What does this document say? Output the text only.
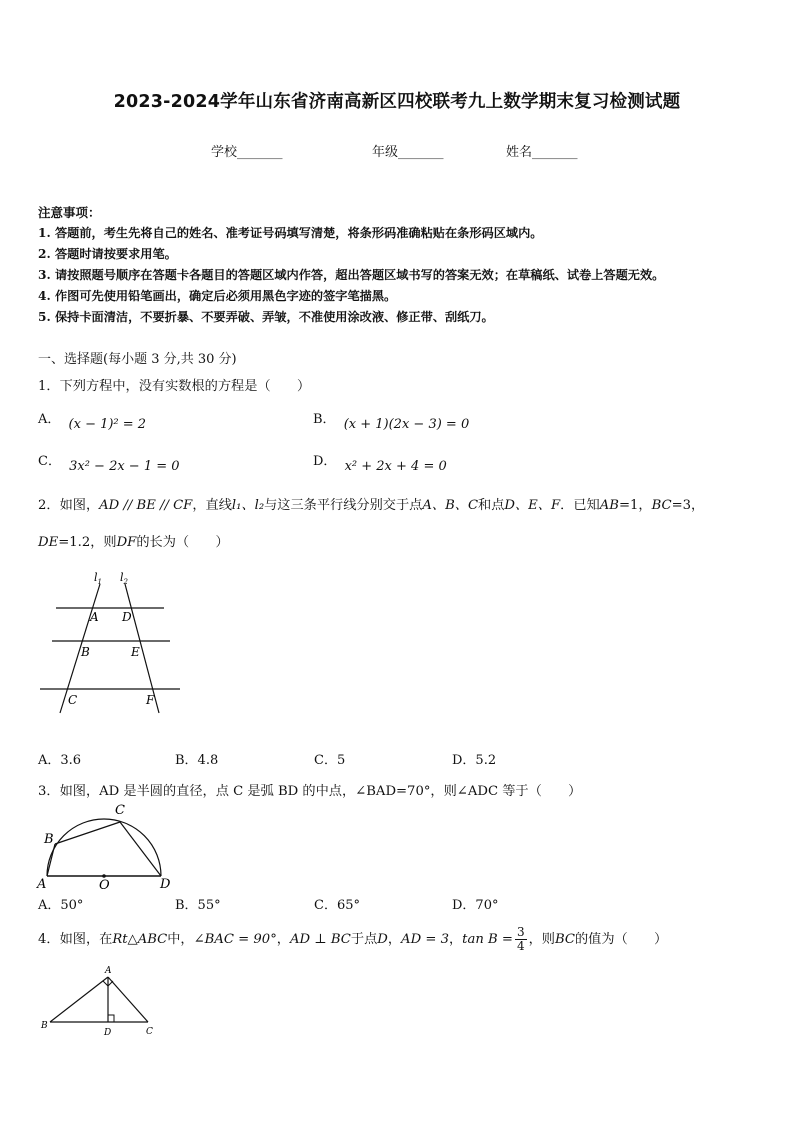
2023-2024学年山东省济南高新区四校联考九上数学期末复习检测试题
学校_______	年级_______	姓名_______
注意事项：
1. 答题前，考生先将自己的姓名、准考证号码填写清楚，将条形码准确粘贴在条形码区域内。
2. 答题时请按要求用笔。
3. 请按照题号顺序在答题卡各题目的答题区域内作答，超出答题区域书写的答案无效；在草稿纸、试卷上答题无效。
4. 作图可先使用铅笔画出，确定后必须用黑色字迹的签字笔描黑。
5. 保持卡面清洁，不要折暴、不要弄破、弄皱，不准使用涂改液、修正带、刮纸刀。
一、选择题(每小题 3 分,共 30 分)
1．下列方程中，没有实数根的方程是（　　）
A． (x − 1)² = 2	B． (x + 1)(2x − 3) = 0
C． 3x² − 2x − 1 = 0	D． x² + 2x + 4 = 0
2．如图，AD // BE // CF，直线l₁、l₂与这三条平行线分别交于点A、B、C和点D、E、F．已知AB=1，BC=3，
DE=1.2，则DF的长为（　　）
$l_1$ $l_2$
A D
B	E
C	F
A．3.6	B．4.8	C．5	D．5.2
3．如图，AD 是半圆的直径，点 C 是弧 BD 的中点，∠BAD=70°，则∠ADC 等于（　　）
B
C
A	O	D
A．50°	B．55°	C．65°	D．70°
4．如图，在Rt△ABC中，∠BAC = 90°，AD ⊥ BC于点D，AD = 3，$\tan B = \frac{3}{4}$ ，则BC的值为（　　）
A
B
D	C
